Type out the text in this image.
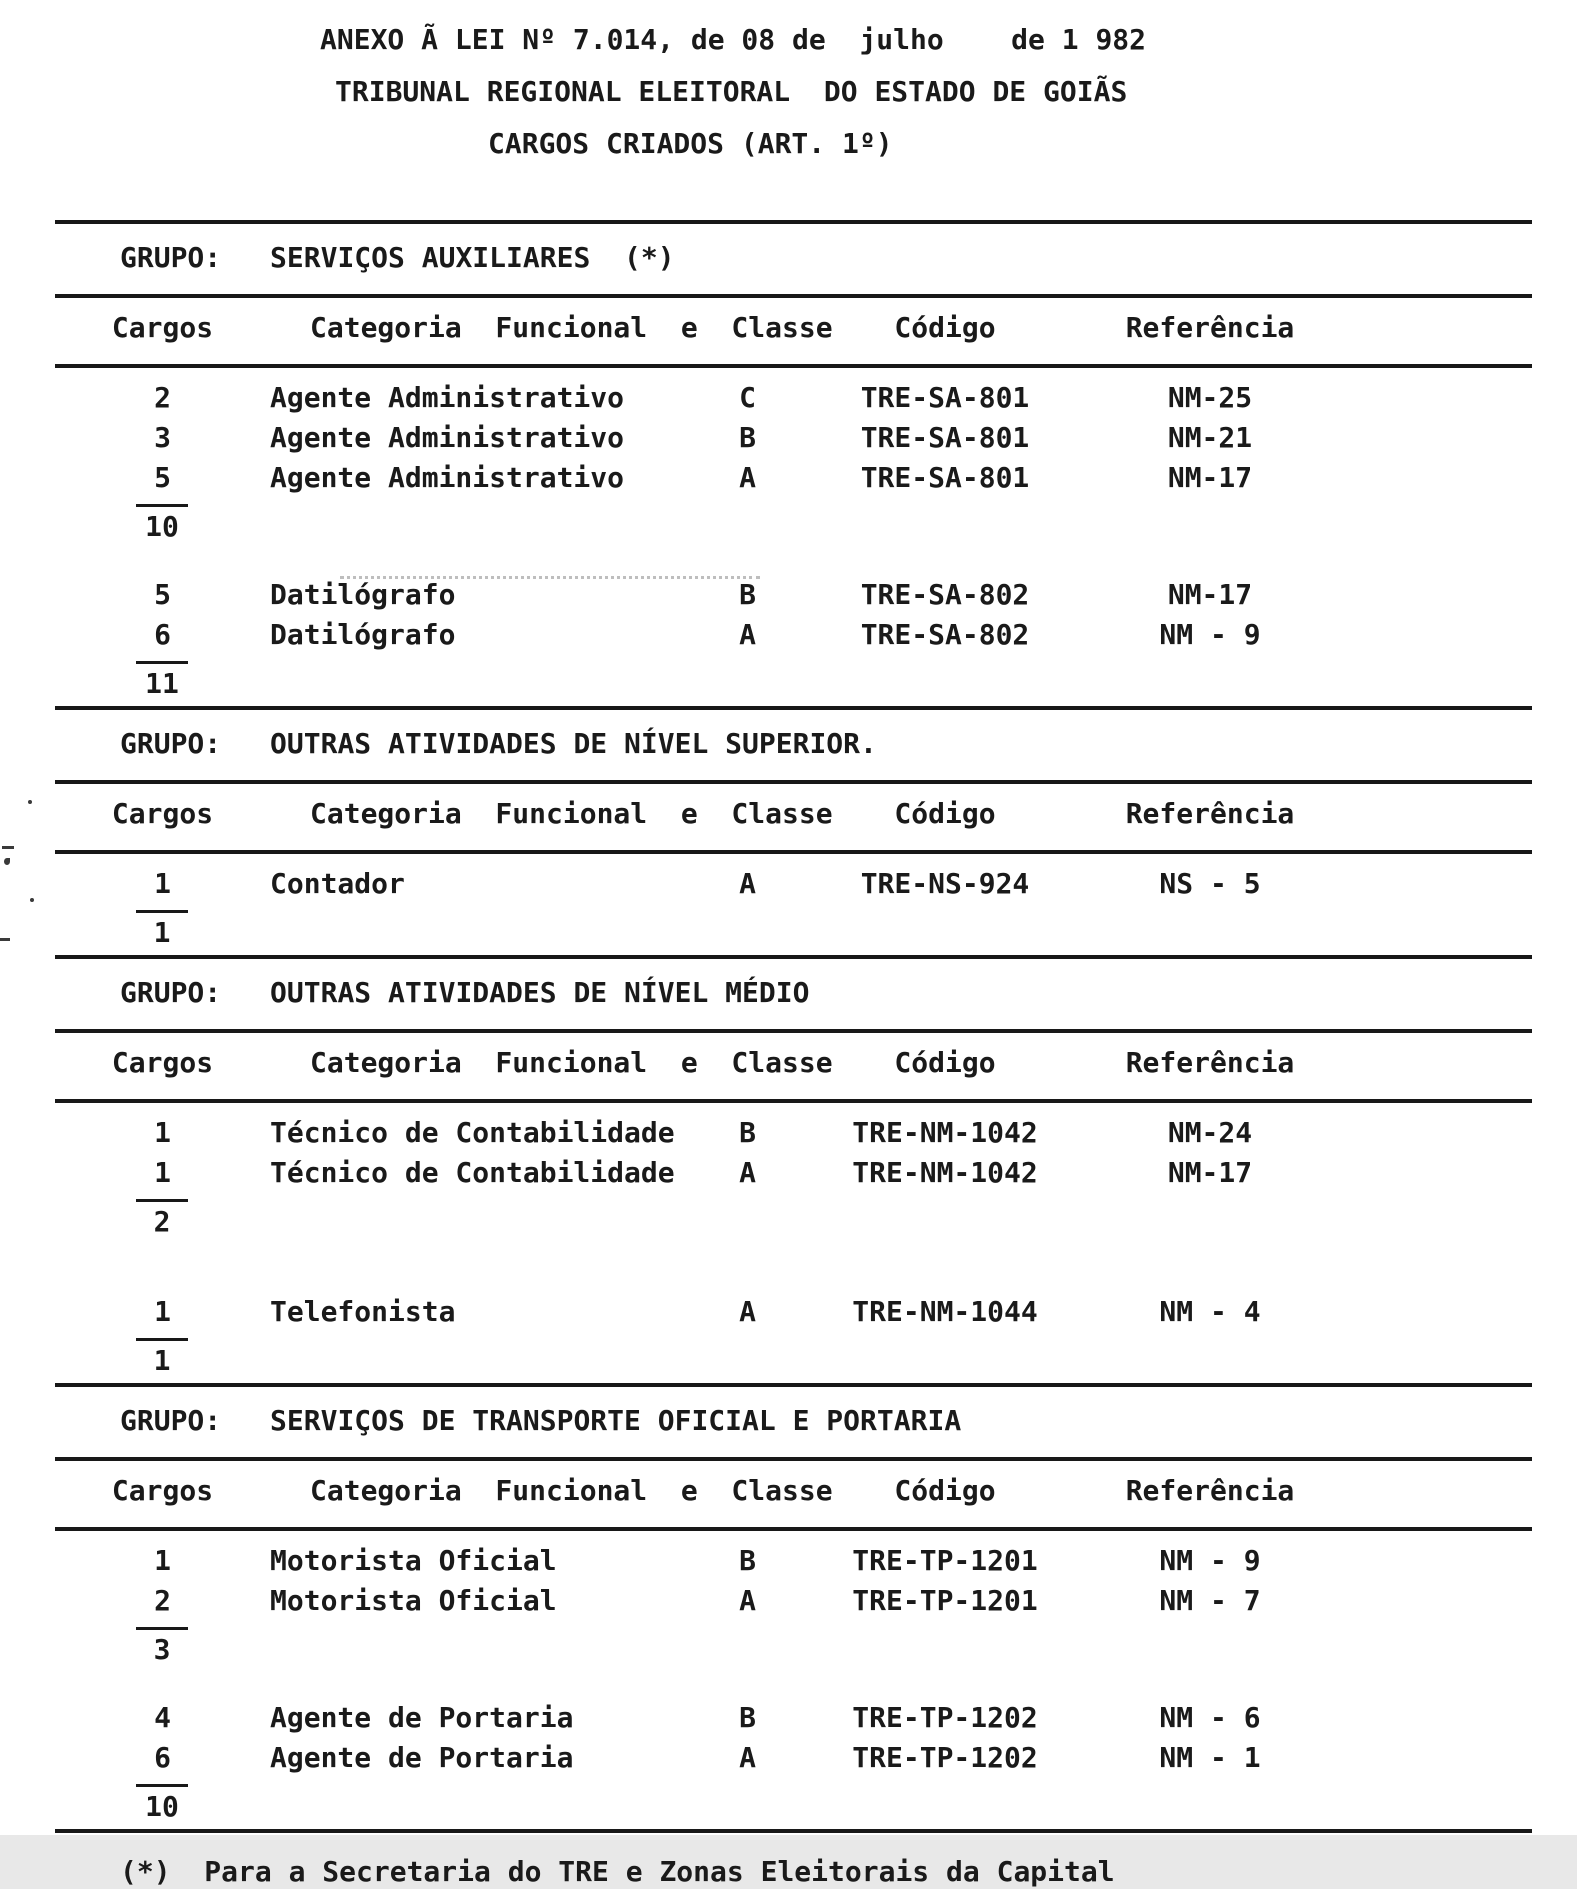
ANEXO Ã LEI Nº 7.014, de 08 de  julho    de 1 982
TRIBUNAL REGIONAL ELEITORAL  DO ESTADO DE GOIÃS
CARGOS CRIADOS (ART. 1º)
GRUPO: SERVIÇOS AUXILIARES  (*)
Cargos	Categoria  Funcional  e  Classe	Código	Referência
2	Agente Administrativo	C	TRE-SA-801	NM-25
3	Agente Administrativo	B	TRE-SA-801	NM-21
5	Agente Administrativo	A	TRE-SA-801	NM-17
10
5	Datilógrafo	B	TRE-SA-802	NM-17
6	Datilógrafo	A	TRE-SA-802	NM - 9
11
GRUPO: OUTRAS ATIVIDADES DE NÍVEL SUPERIOR.
Cargos	Categoria  Funcional  e  Classe	Código	Referência
1	Contador	A	TRE-NS-924	NS - 5
1
GRUPO: OUTRAS ATIVIDADES DE NÍVEL MÉDIO
Cargos	Categoria  Funcional  e  Classe	Código	Referência
1	Técnico de Contabilidade	B	TRE-NM-1042	NM-24
1	Técnico de Contabilidade	A	TRE-NM-1042	NM-17
2
1	Telefonista	A	TRE-NM-1044	NM - 4
1
GRUPO: SERVIÇOS DE TRANSPORTE OFICIAL E PORTARIA
Cargos	Categoria  Funcional  e  Classe	Código	Referência
1	Motorista Oficial	B	TRE-TP-1201	NM - 9
2	Motorista Oficial	A	TRE-TP-1201	NM - 7
3
4	Agente de Portaria	B	TRE-TP-1202	NM - 6
6	Agente de Portaria	A	TRE-TP-1202	NM - 1
10
(*)  Para a Secretaria do TRE e Zonas Eleitorais da Capital
